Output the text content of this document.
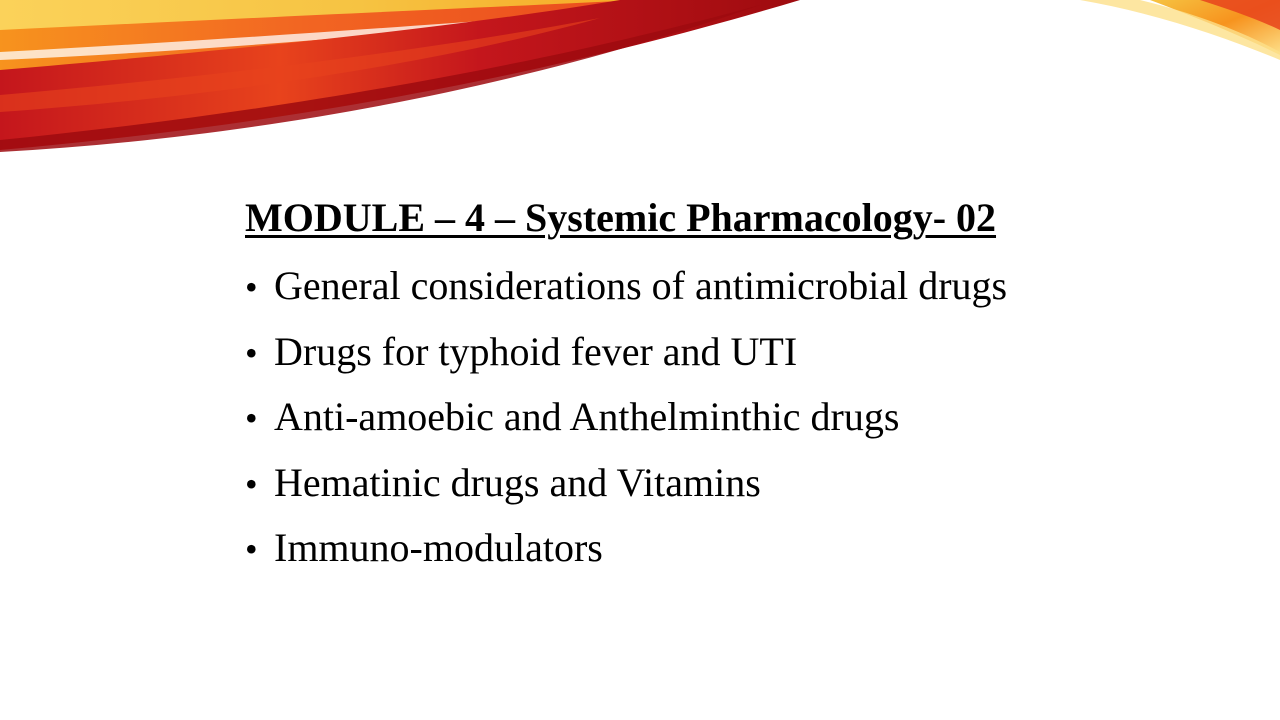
MODULE – 4 – Systemic Pharmacology- 02
• General considerations of antimicrobial drugs
• Drugs for typhoid fever and UTI
• Anti-amoebic and Anthelminthic drugs
• Hematinic drugs and Vitamins
• Immuno-modulators
